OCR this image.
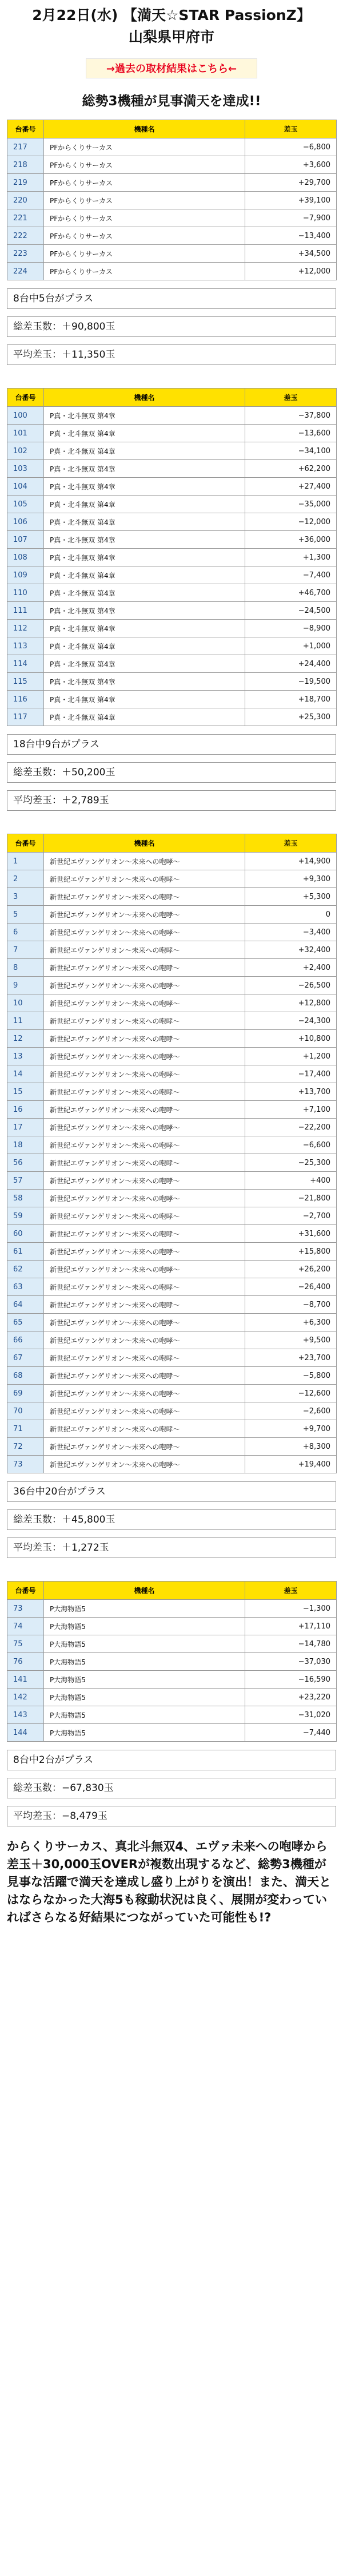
2月22日(水) 【満天☆STAR PassionZ】
山梨県甲府市
→過去の取材結果はこちら←
総勢3機種が見事満天を達成!!
台番号	機種名	差玉
217	PFからくりサーカス	−6,800
218	PFからくりサーカス	+3,600
219	PFからくりサーカス	+29,700
220	PFからくりサーカス	+39,100
221	PFからくりサーカス	−7,900
222	PFからくりサーカス	−13,400
223	PFからくりサーカス	+34,500
224	PFからくりサーカス	+12,000
8台中5台がプラス
総差玉数：＋90,800玉
平均差玉：＋11,350玉
台番号	機種名	差玉
100	P真・北斗無双 第4章	−37,800
101	P真・北斗無双 第4章	−13,600
102	P真・北斗無双 第4章	−34,100
103	P真・北斗無双 第4章	+62,200
104	P真・北斗無双 第4章	+27,400
105	P真・北斗無双 第4章	−35,000
106	P真・北斗無双 第4章	−12,000
107	P真・北斗無双 第4章	+36,000
108	P真・北斗無双 第4章	+1,300
109	P真・北斗無双 第4章	−7,400
110	P真・北斗無双 第4章	+46,700
111	P真・北斗無双 第4章	−24,500
112	P真・北斗無双 第4章	−8,900
113	P真・北斗無双 第4章	+1,000
114	P真・北斗無双 第4章	+24,400
115	P真・北斗無双 第4章	−19,500
116	P真・北斗無双 第4章	+18,700
117	P真・北斗無双 第4章	+25,300
18台中9台がプラス
総差玉数：＋50,200玉
平均差玉：＋2,789玉
台番号	機種名	差玉
1	新世紀エヴァンゲリオン〜未来への咆哮〜	+14,900
2	新世紀エヴァンゲリオン〜未来への咆哮〜	+9,300
3	新世紀エヴァンゲリオン〜未来への咆哮〜	+5,300
5	新世紀エヴァンゲリオン〜未来への咆哮〜	0
6	新世紀エヴァンゲリオン〜未来への咆哮〜	−3,400
7	新世紀エヴァンゲリオン〜未来への咆哮〜	+32,400
8	新世紀エヴァンゲリオン〜未来への咆哮〜	+2,400
9	新世紀エヴァンゲリオン〜未来への咆哮〜	−26,500
10	新世紀エヴァンゲリオン〜未来への咆哮〜	+12,800
11	新世紀エヴァンゲリオン〜未来への咆哮〜	−24,300
12	新世紀エヴァンゲリオン〜未来への咆哮〜	+10,800
13	新世紀エヴァンゲリオン〜未来への咆哮〜	+1,200
14	新世紀エヴァンゲリオン〜未来への咆哮〜	−17,400
15	新世紀エヴァンゲリオン〜未来への咆哮〜	+13,700
16	新世紀エヴァンゲリオン〜未来への咆哮〜	+7,100
17	新世紀エヴァンゲリオン〜未来への咆哮〜	−22,200
18	新世紀エヴァンゲリオン〜未来への咆哮〜	−6,600
56	新世紀エヴァンゲリオン〜未来への咆哮〜	−25,300
57	新世紀エヴァンゲリオン〜未来への咆哮〜	+400
58	新世紀エヴァンゲリオン〜未来への咆哮〜	−21,800
59	新世紀エヴァンゲリオン〜未来への咆哮〜	−2,700
60	新世紀エヴァンゲリオン〜未来への咆哮〜	+31,600
61	新世紀エヴァンゲリオン〜未来への咆哮〜	+15,800
62	新世紀エヴァンゲリオン〜未来への咆哮〜	+26,200
63	新世紀エヴァンゲリオン〜未来への咆哮〜	−26,400
64	新世紀エヴァンゲリオン〜未来への咆哮〜	−8,700
65	新世紀エヴァンゲリオン〜未来への咆哮〜	+6,300
66	新世紀エヴァンゲリオン〜未来への咆哮〜	+9,500
67	新世紀エヴァンゲリオン〜未来への咆哮〜	+23,700
68	新世紀エヴァンゲリオン〜未来への咆哮〜	−5,800
69	新世紀エヴァンゲリオン〜未来への咆哮〜	−12,600
70	新世紀エヴァンゲリオン〜未来への咆哮〜	−2,600
71	新世紀エヴァンゲリオン〜未来への咆哮〜	+9,700
72	新世紀エヴァンゲリオン〜未来への咆哮〜	+8,300
73	新世紀エヴァンゲリオン〜未来への咆哮〜	+19,400
36台中20台がプラス
総差玉数：＋45,800玉
平均差玉：＋1,272玉
台番号	機種名	差玉
73	P大海物語5	−1,300
74	P大海物語5	+17,110
75	P大海物語5	−14,780
76	P大海物語5	−37,030
141	P大海物語5	−16,590
142	P大海物語5	+23,220
143	P大海物語5	−31,020
144	P大海物語5	−7,440
8台中2台がプラス
総差玉数：−67,830玉
平均差玉：−8,479玉
からくりサーカス、真北斗無双4、エヴァ未来への咆哮から差玉＋30,000玉OVERが複数出現するなど、総勢3機種が見事な活躍で満天を達成し盛り上がりを演出！また、満天とはならなかった大海5も稼動状況は良く、展開が変わっていればさらなる好結果につながっていた可能性も!?
